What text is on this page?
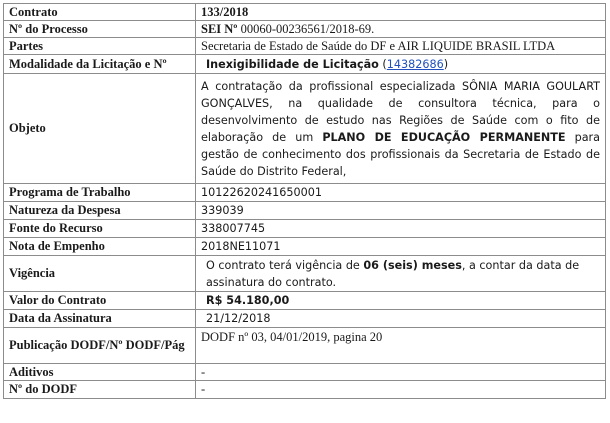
Contrato	133/2018
Nº do Processo	SEI Nº 00060-00236561/2018-69.
Partes	Secretaria de Estado de Saúde do DF e AIR LIQUIDE BRASIL LTDA
Modalidade da Licitação e Nº	Inexigibilidade de Licitação (14382686)
Objeto	A contratação da profissional especializada SÔNIA MARIA GOULART GONÇALVES, na qualidade de consultora técnica, para o desenvolvimento de estudo nas Regiões de Saúde com o fito de elaboração de um PLANO DE EDUCAÇÃO PERMANENTE para gestão de conhecimento dos profissionais da Secretaria de Estado de Saúde do Distrito Federal,
Programa de Trabalho	10122620241650001
Natureza da Despesa	339039
Fonte do Recurso	338007745
Nota de Empenho	2018NE11071
Vigência	O contrato terá vigência de 06 (seis) meses, a contar da data de assinatura do contrato.
Valor do Contrato	R$ 54.180,00
Data da Assinatura	21/12/2018
Publicação DODF/Nº DODF/Pág	DODF nº 03, 04/01/2019, pagina 20
Aditivos	-
Nº do DODF	-
